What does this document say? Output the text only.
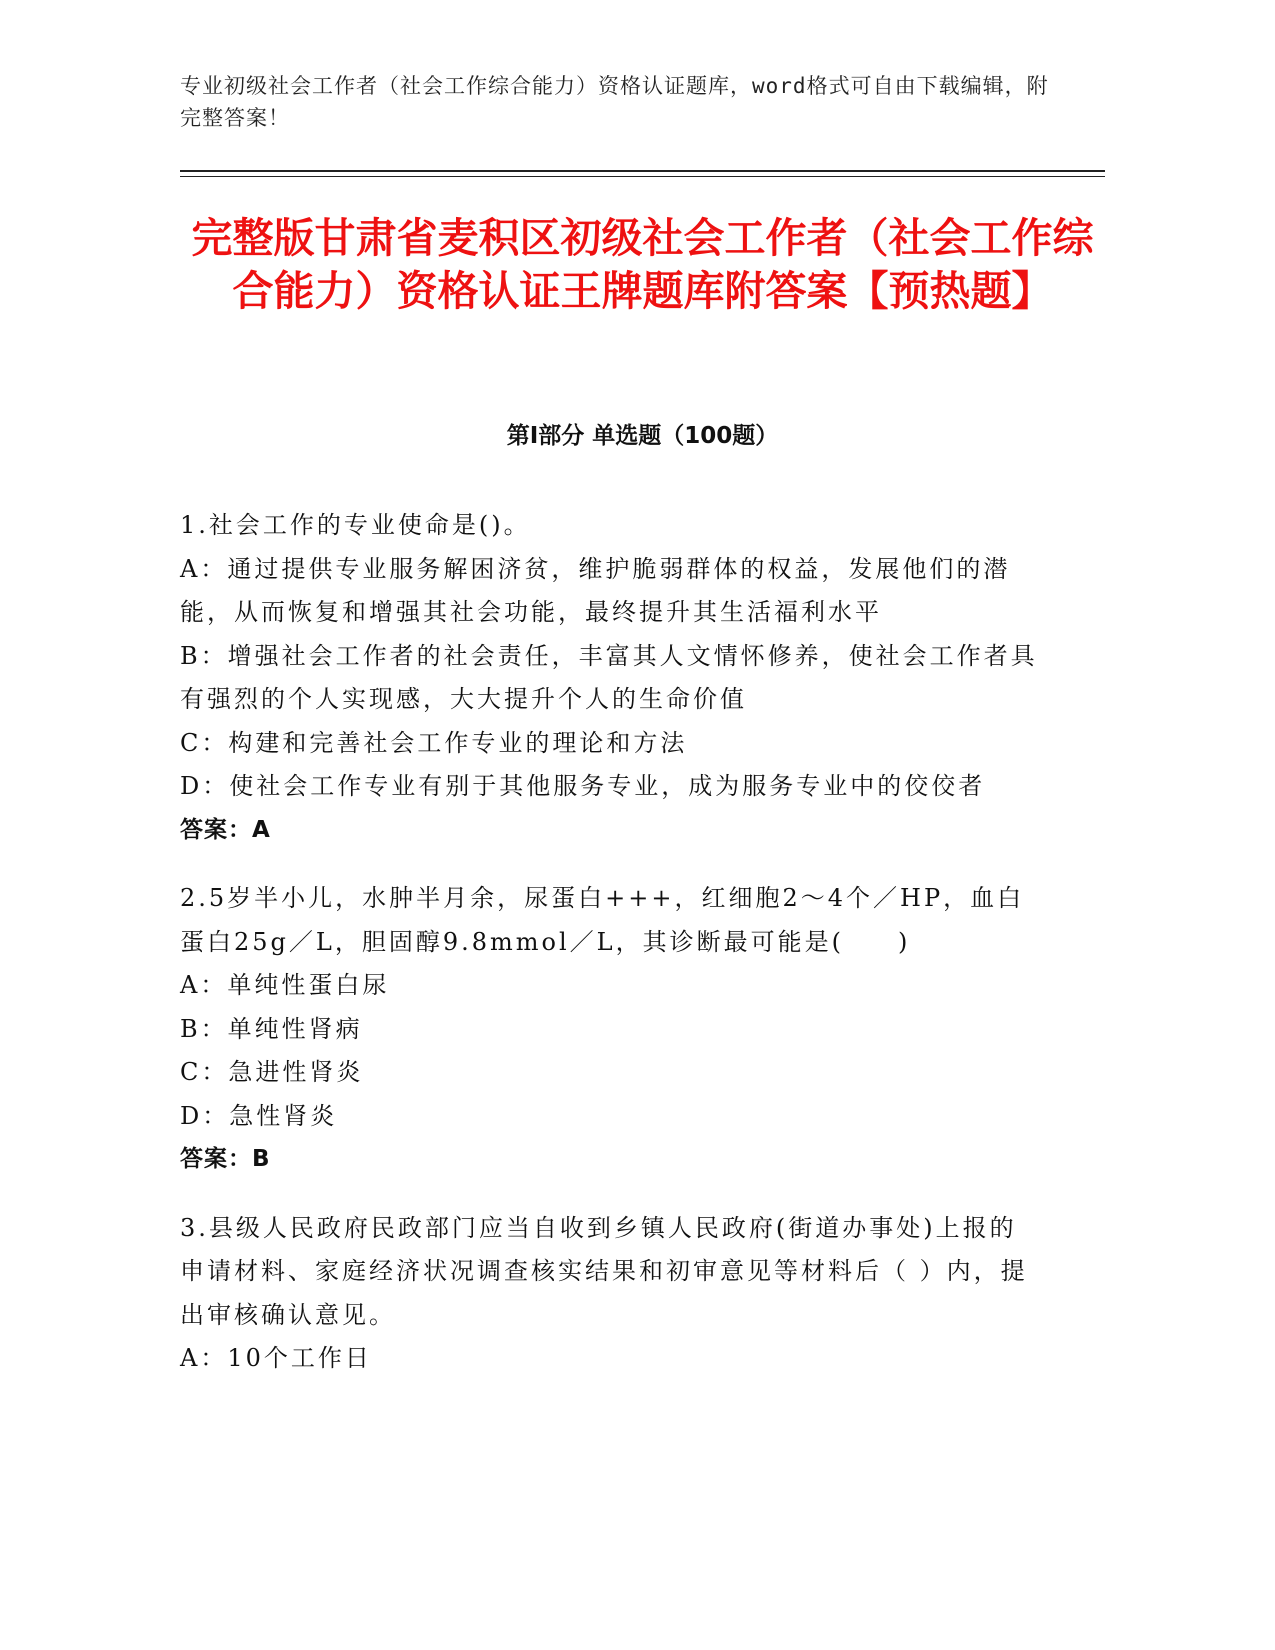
专业初级社会工作者（社会工作综合能力）资格认证题库，word格式可自由下载编辑，附完整答案！
完整版甘肃省麦积区初级社会工作者（社会工作综合能力）资格认证王牌题库附答案【预热题】
第Ⅰ部分 单选题（100题）

1.社会工作的专业使命是()。

A：通过提供专业服务解困济贫，维护脆弱群体的权益，发展他们的潜能，从而恢复和增强其社会功能，最终提升其生活福利水平

B：增强社会工作者的社会责任，丰富其人文情怀修养，使社会工作者具有强烈的个人实现感，大大提升个人的生命价值

C：构建和完善社会工作专业的理论和方法

D：使社会工作专业有别于其他服务专业，成为服务专业中的佼佼者

答案：A

2.5岁半小儿，水肿半月余，尿蛋白+++，红细胞2～4个／HP，血白蛋白25g／L，胆固醇9.8mmol／L，其诊断最可能是(　　)

A：单纯性蛋白尿

B：单纯性肾病

C：急进性肾炎

D：急性肾炎

答案：B

3.县级人民政府民政部门应当自收到乡镇人民政府(街道办事处)上报的申请材料、家庭经济状况调查核实结果和初审意见等材料后（ ）内，提出审核确认意见。

A：10个工作日
